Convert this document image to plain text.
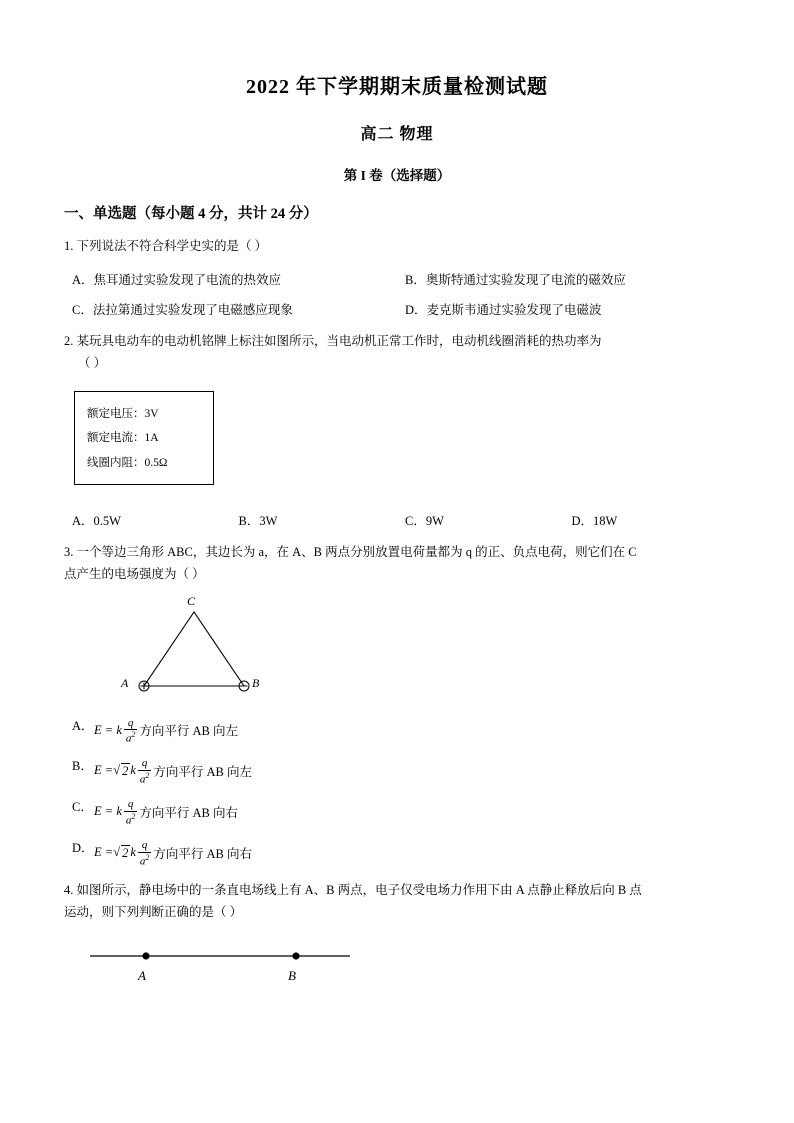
2022 年下学期期末质量检测试题
高二 物理
第 I 卷（选择题）
一、单选题（每小题 4 分，共计 24 分）
1. 下列说法不符合科学史实的是（ ）
A．焦耳通过实验发现了电流的热效应	B．奥斯特通过实验发现了电流的磁效应
C．法拉第通过实验发现了电磁感应现象	D．麦克斯韦通过实验发现了电磁波
2. 某玩具电动车的电动机铭牌上标注如图所示，当电动机正常工作时，电动机线圈消耗的热功率为
（ ）
额定电压：3V
额定电流：1A
线圈内阻：0.5Ω
A．0.5W	B．3W	C．9W	D．18W
3. 一个等边三角形 ABC，其边长为 a，在 A、B 两点分别放置电荷量都为 q 的正、负点电荷，则它们在 C
点产生的电场强度为（ ）
A	B
C
A． E = k $\frac{q}{a^2}$ 方向平行 AB 向左
B． E = √ 2 k $\frac{q}{a^2}$ 方向平行 AB 向左
C． E = k $\frac{q}{a^2}$ 方向平行 AB 向右
D． E = √ 2 k $\frac{q}{a^2}$ 方向平行 AB 向右
4. 如图所示，静电场中的一条直电场线上有 A、B 两点，电子仅受电场力作用下由 A 点静止释放后向 B 点
运动，则下列判断正确的是（ ）
A	B
